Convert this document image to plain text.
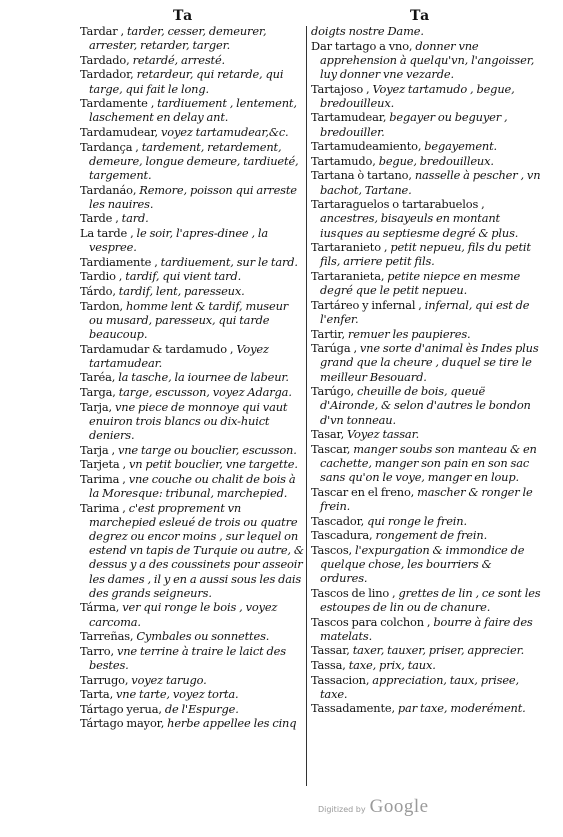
Ta	Ta

Tardar , tarder, cesser, demeurer, arrester, retarder, targer.

Tardado, retardé, arresté.

Tardador, retardeur, qui retarde, qui targe, qui fait le long.

Tardamente , tardiuement , lentement, laschement en delay ant.

Tardamudear, voyez tartamudear,&c.

Tardança , tardement, retardement, demeure, longue demeure, tardiueté, targement.

Tardanáo, Remore, poisson qui arreste les nauires.

Tarde , tard.

La tarde , le soir, l'apres-dinee , la vespree.

Tardiamente , tardiuement, sur le tard.

Tardio , tardif, qui vient tard.

Tárdo, tardif, lent, paresseux.

Tardon, homme lent & tardif, museur ou musard, paresseux, qui tarde beaucoup.

Tardamudar & tardamudo , Voyez tartamudear.

Taréa, la tasche, la iournee de labeur.

Targa, targe, escusson, voyez Adarga.

Tarja, vne piece de monnoye qui vaut enuiron trois blancs ou dix-huict deniers.

Tarja , vne targe ou bouclier, escusson.

Tarjeta , vn petit bouclier, vne targette.

Tarima , vne couche ou chalit de bois à la Moresque: tribunal, marchepied.

Tarima , c'est proprement vn marchepied esleué de trois ou quatre degrez ou encor moins , sur lequel on estend vn tapis de Turquie ou autre, & dessus y a des coussinets pour asseoir les dames , il y en a aussi sous les dais des grands seigneurs.

Tárma, ver qui ronge le bois , voyez carcoma.

Tarreñas, Cymbales ou sonnettes.

Tarro, vne terrine à traire le laict des bestes.

Tarrugo, voyez tarugo.

Tarta, vne tarte, voyez torta.

Tártago yerua, de l'Espurge.

Tártago mayor, herbe appellee les cinq

doigts nostre Dame.

Dar tartago a vno, donner vne apprehension à quelqu'vn, l'angoisser, luy donner vne vezarde.

Tartajoso , Voyez tartamudo , begue, bredouilleux.

Tartamudear, begayer ou beguyer , bredouiller.

Tartamudeamiento, begayement.

Tartamudo, begue, bredouilleux.

Tartana ò tartano, nasselle à pescher , vn bachot, Tartane.

Tartaraguelos o tartarabuelos , ancestres, bisayeuls en montant iusques au septiesme degré & plus.

Tartaranieto , petit nepueu, fils du petit fils, arriere petit fils.

Tartaranieta, petite niepce en mesme degré que le petit nepueu.

Tartáreo y infernal , infernal, qui est de l'enfer.

Tartir, remuer les paupieres.

Tarúga , vne sorte d'animal ès Indes plus grand que la cheure , duquel se tire le meilleur Besouard.

Tarúgo, cheuille de bois, queuë d'Aironde, & selon d'autres le bondon d'vn tonneau.

Tasar, Voyez tassar.

Tascar, manger soubs son manteau & en cachette, manger son pain en son sac sans qu'on le voye, manger en loup.

Tascar en el freno, mascher & ronger le frein.

Tascador, qui ronge le frein.

Tascadura, rongement de frein.

Tascos, l'expurgation & immondice de quelque chose, les bourriers & ordures.

Tascos de lino , grettes de lin , ce sont les estoupes de lin ou de chanure.

Tascos para colchon , bourre à faire des matelats.

Tassar, taxer, tauxer, priser, apprecier.

Tassa, taxe, prix, taux.

Tassacion, appreciation, taux, prisee, taxe.

Tassadamente, par taxe, moderément.

Digitized by Google
